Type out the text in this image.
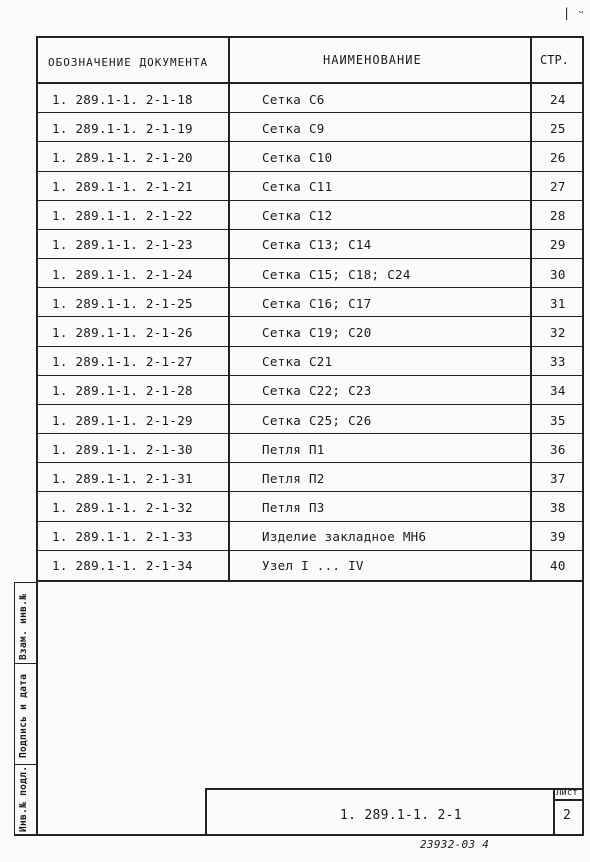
| ᵕ
ОБОЗНАЧЕНИЕ ДОКУМЕНТА	НАИМЕНОВАНИЕ	СТР.
1. 289.1-1. 2-1-18	Сетка С6	24
1. 289.1-1. 2-1-19	Сетка С9	25
1. 289.1-1. 2-1-20	Сетка С10	26
1. 289.1-1. 2-1-21	Сетка С11	27
1. 289.1-1. 2-1-22	Сетка С12	28
1. 289.1-1. 2-1-23	Сетка С13; С14	29
1. 289.1-1. 2-1-24	Сетка С15; С18; С24	30
1. 289.1-1. 2-1-25	Сетка С16; С17	31
1. 289.1-1. 2-1-26	Сетка С19; С20	32
1. 289.1-1. 2-1-27	Сетка С21	33
1. 289.1-1. 2-1-28	Сетка С22; С23	34
1. 289.1-1. 2-1-29	Сетка С25; С26	35
1. 289.1-1. 2-1-30	Петля П1	36
1. 289.1-1. 2-1-31	Петля П2	37
1. 289.1-1. 2-1-32	Петля П3	38
1. 289.1-1. 2-1-33	Изделие закладное МН6	39
1. 289.1-1. 2-1-34	Узел I ... IV	40
Инв.№ подл.
Подпись и дата
Взам. инв.№
1. 289.1-1. 2-1
Лист
2
23932-03 4
